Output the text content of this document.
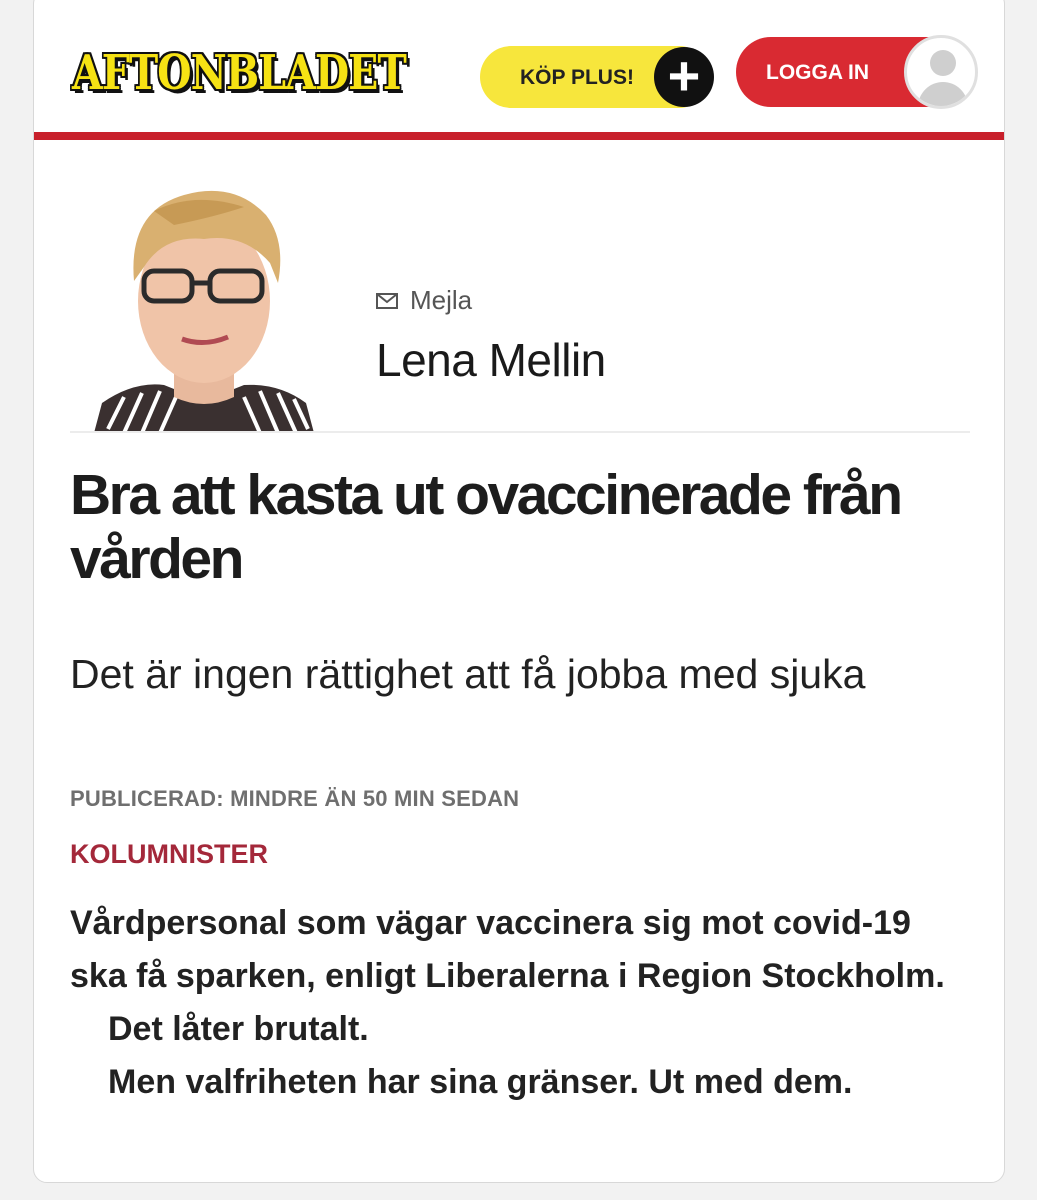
AFTONBLADET	KÖP PLUS! +	LOGGA IN
Mejla
Lena Mellin
Bra att kasta ut ovaccinerade från vården
Det är ingen rättighet att få jobba med sjuka
PUBLICERAD: MINDRE ÄN 50 MIN SEDAN
KOLUMNISTER

Vårdpersonal som vägar vaccinera sig mot covid-19 ska få sparken, enligt Liberalerna i Region Stockholm.

Det låter brutalt.

Men valfriheten har sina gränser. Ut med dem.
